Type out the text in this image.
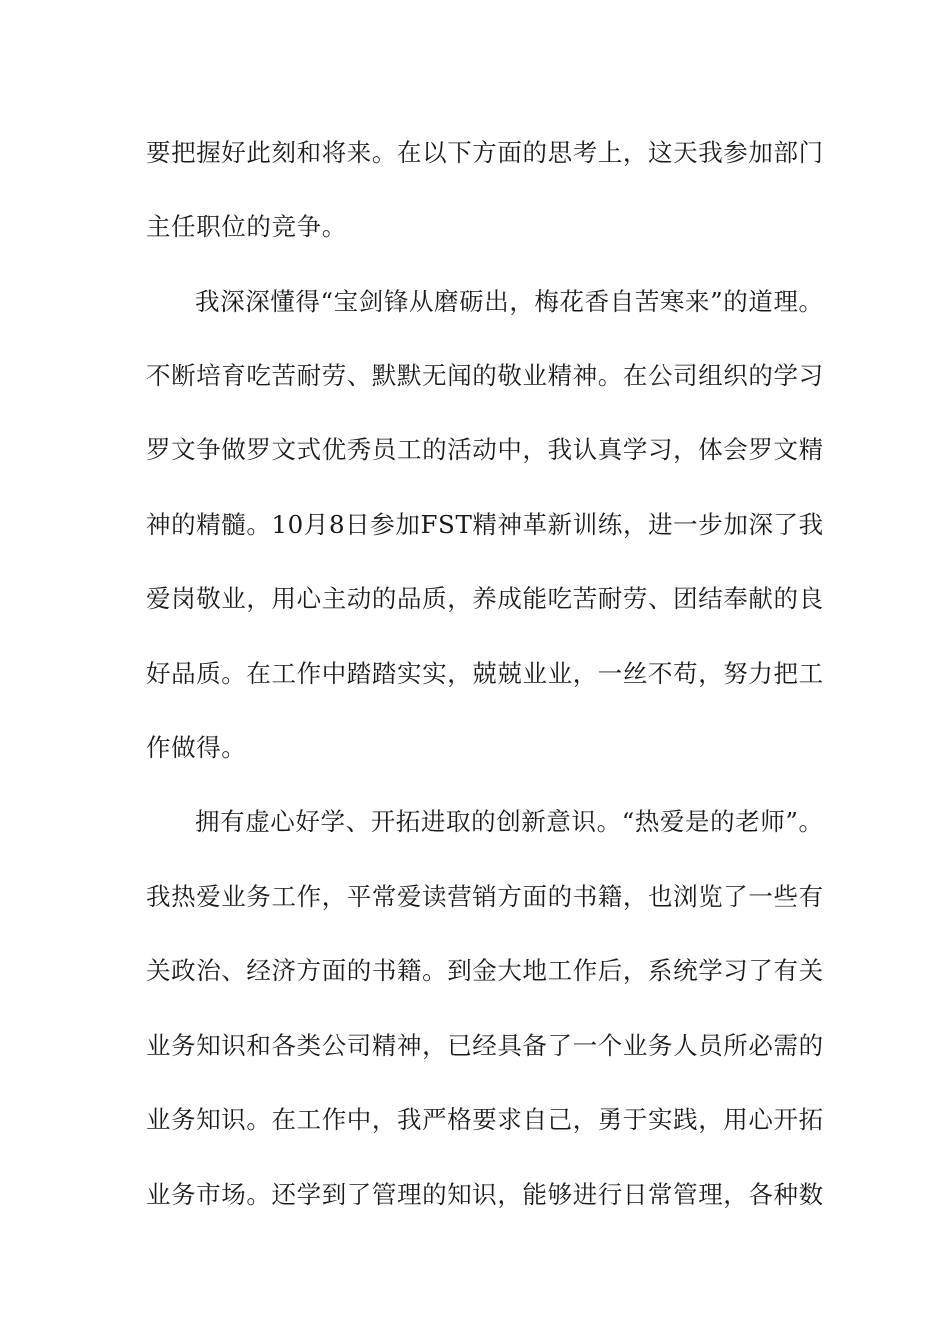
要把握好此刻和将来。在以下方面的思考上，这天我参加部门

主任职位的竞争。

我深深懂得“宝剑锋从磨砺出，梅花香自苦寒来”的道理。

不断培育吃苦耐劳、默默无闻的敬业精神。在公司组织的学习

罗文争做罗文式优秀员工的活动中，我认真学习，体会罗文精

神的精髓。10月8日参加FST精神革新训练，进一步加深了我

爱岗敬业，用心主动的品质，养成能吃苦耐劳、团结奉献的良

好品质。在工作中踏踏实实，兢兢业业，一丝不苟，努力把工

作做得。

拥有虚心好学、开拓进取的创新意识。“热爱是的老师”。

我热爱业务工作，平常爱读营销方面的书籍，也浏览了一些有

关政治、经济方面的书籍。到金大地工作后，系统学习了有关

业务知识和各类公司精神，已经具备了一个业务人员所必需的

业务知识。在工作中，我严格要求自己，勇于实践，用心开拓

业务市场。还学到了管理的知识，能够进行日常管理，各种数
